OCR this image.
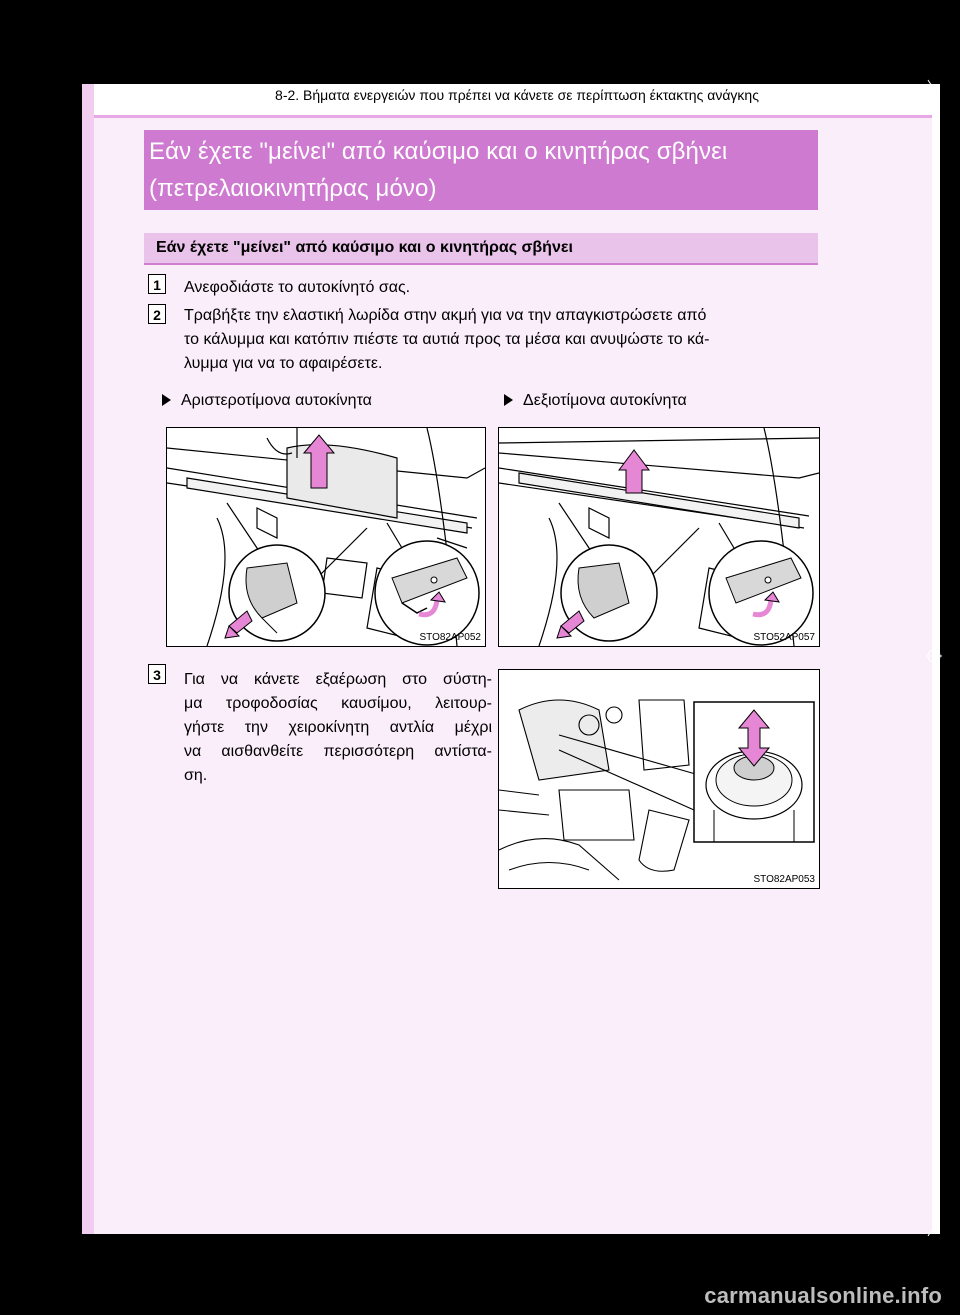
8-2. Βήματα ενεργειών που πρέπει να κάνετε σε περίπτωση έκτακτης ανάγκης
Εάν έχετε "μείνει" από καύσιμο και ο κινητήρας σβήνει
(πετρελαιοκινητήρας μόνο)
Εάν έχετε "μείνει" από καύσιμο και ο κινητήρας σβήνει
1	Ανεφοδιάστε το αυτοκίνητό σας.
2	Τραβήξτε την ελαστική λωρίδα στην ακμή για να την απαγκιστρώσετε από
το κάλυμμα και κατόπιν πιέστε τα αυτιά προς τα μέσα και ανυψώστε το κά-
λυμμα για να το αφαιρέσετε.
Αριστεροτίμονα αυτοκίνητα	Δεξιοτίμονα αυτοκίνητα
STO82AP052	STO52AP057
3	Για να κάνετε εξαέρωση στο σύστη-
μα τροφοδοσίας καυσίμου, λειτουρ-
γήστε την χειροκίνητη αντλία μέχρι
να αισθανθείτε περισσότερη αντίστα-
ση.
STO82AP053
carmanualsonline.info
